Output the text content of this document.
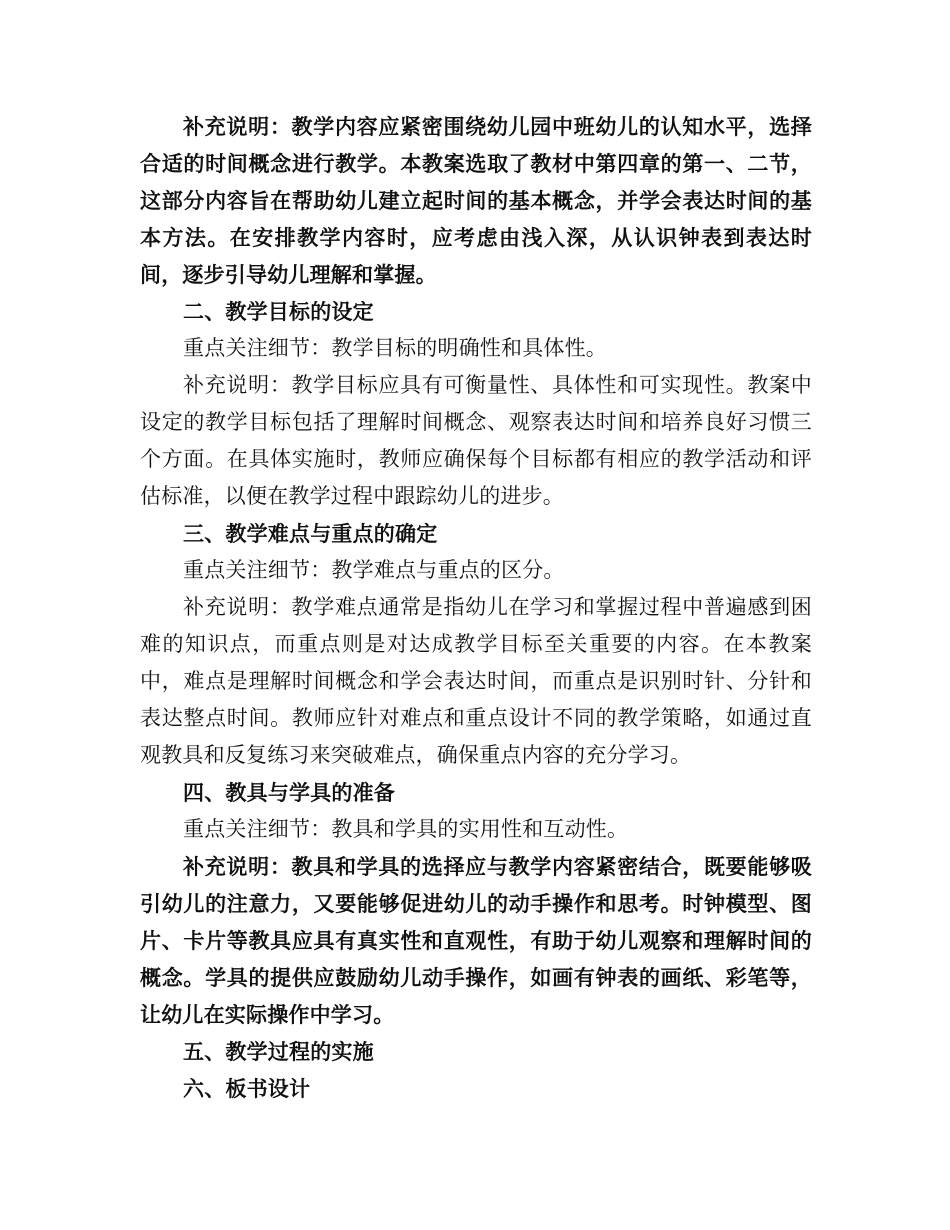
补充说明：教学内容应紧密围绕幼儿园中班幼儿的认知水平，选择合适的时间概念进行教学。本教案选取了教材中第四章的第一、二节，这部分内容旨在帮助幼儿建立起时间的基本概念，并学会表达时间的基本方法。在安排教学内容时，应考虑由浅入深，从认识钟表到表达时间，逐步引导幼儿理解和掌握。

二、教学目标的设定

重点关注细节：教学目标的明确性和具体性。

补充说明：教学目标应具有可衡量性、具体性和可实现性。教案中设定的教学目标包括了理解时间概念、观察表达时间和培养良好习惯三个方面。在具体实施时，教师应确保每个目标都有相应的教学活动和评估标准，以便在教学过程中跟踪幼儿的进步。

三、教学难点与重点的确定

重点关注细节：教学难点与重点的区分。

补充说明：教学难点通常是指幼儿在学习和掌握过程中普遍感到困难的知识点，而重点则是对达成教学目标至关重要的内容。在本教案中，难点是理解时间概念和学会表达时间，而重点是识别时针、分针和表达整点时间。教师应针对难点和重点设计不同的教学策略，如通过直观教具和反复练习来突破难点，确保重点内容的充分学习。

四、教具与学具的准备

重点关注细节：教具和学具的实用性和互动性。

补充说明：教具和学具的选择应与教学内容紧密结合，既要能够吸引幼儿的注意力，又要能够促进幼儿的动手操作和思考。时钟模型、图片、卡片等教具应具有真实性和直观性，有助于幼儿观察和理解时间的概念。学具的提供应鼓励幼儿动手操作，如画有钟表的画纸、彩笔等，让幼儿在实际操作中学习。

五、教学过程的实施

六、板书设计
